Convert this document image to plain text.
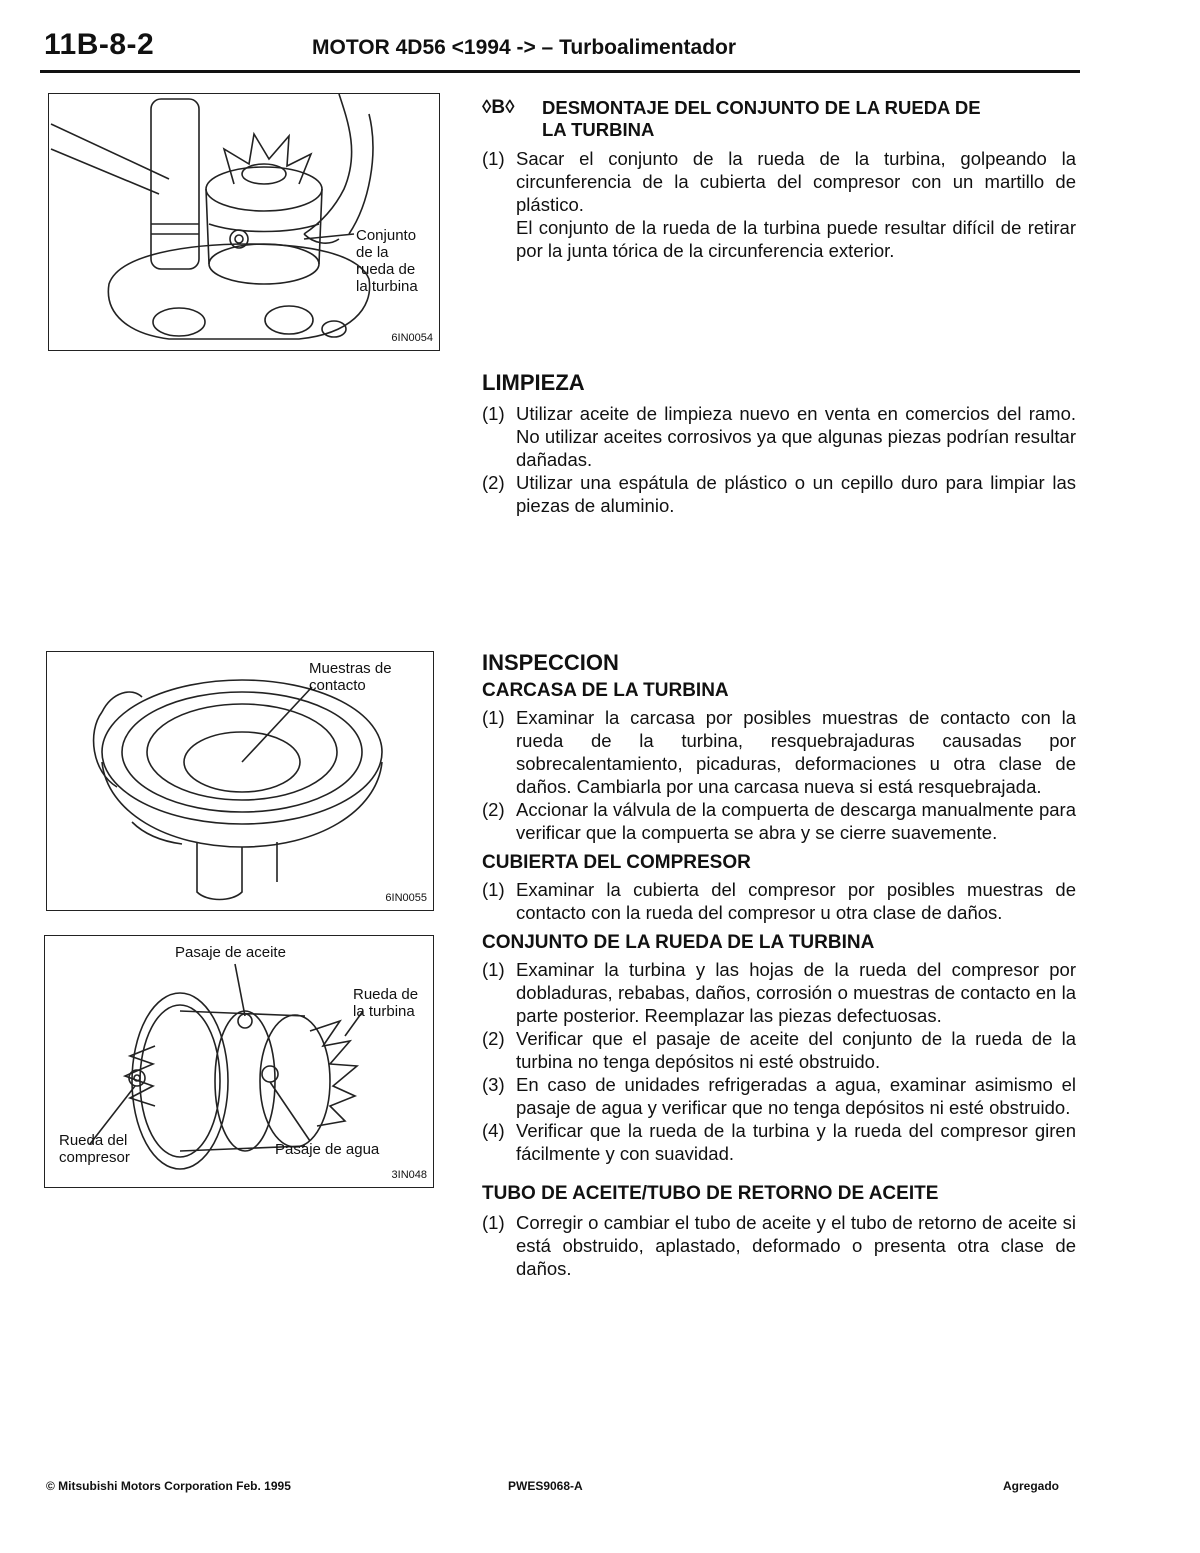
11B-8-2	MOTOR 4D56 <1994 -> – Turboalimentador
Conjunto
de la
rueda de
la turbina
6IN0054
Muestras de
contacto
6IN0055
Pasaje de aceite
Rueda de
la turbina
Rueda del
compresor	Pasaje de agua
3IN048
◊B◊	DESMONTAJE DEL CONJUNTO DE LA RUEDA DE
LA TURBINA
(1) Sacar el conjunto de la rueda de la turbina, golpeando la circunferencia de la cubierta del compresor con un martillo de plástico.
El conjunto de la rueda de la turbina puede resultar difícil de retirar por la junta tórica de la circunferencia exterior.
LIMPIEZA
(1) Utilizar aceite de limpieza nuevo en venta en comercios del ramo. No utilizar aceites corrosivos ya que algunas piezas podrían resultar dañadas.
(2) Utilizar una espátula de plástico o un cepillo duro para limpiar las piezas de aluminio.
INSPECCION
CARCASA DE LA TURBINA
(1) Examinar la carcasa por posibles muestras de contacto con la rueda de la turbina, resquebrajaduras causadas por sobrecalentamiento, picaduras, deformaciones u otra clase de daños. Cambiarla por una carcasa nueva si está resquebrajada.
(2) Accionar la válvula de la compuerta de descarga manualmente para verificar que la compuerta se abra y se cierre suavemente.
CUBIERTA DEL COMPRESOR
(1) Examinar la cubierta del compresor por posibles muestras de contacto con la rueda del compresor u otra clase de daños.
CONJUNTO DE LA RUEDA DE LA TURBINA
(1) Examinar la turbina y las hojas de la rueda del compresor por dobladuras, rebabas, daños, corrosión o muestras de contacto en la parte posterior. Reemplazar las piezas defectuosas.
(2) Verificar que el pasaje de aceite del conjunto de la rueda de la turbina no tenga depósitos ni esté obstruido.
(3) En caso de unidades refrigeradas a agua, examinar asimismo el pasaje de agua y verificar que no tenga depósitos ni esté obstruido.
(4) Verificar que la rueda de la turbina y la rueda del compresor giren fácilmente y con suavidad.
TUBO DE ACEITE/TUBO DE RETORNO DE ACEITE
(1) Corregir o cambiar el tubo de aceite y el tubo de retorno de aceite si está obstruido, aplastado, deformado o presenta otra clase de daños.
© Mitsubishi Motors Corporation Feb. 1995	PWES9068-A	Agregado
